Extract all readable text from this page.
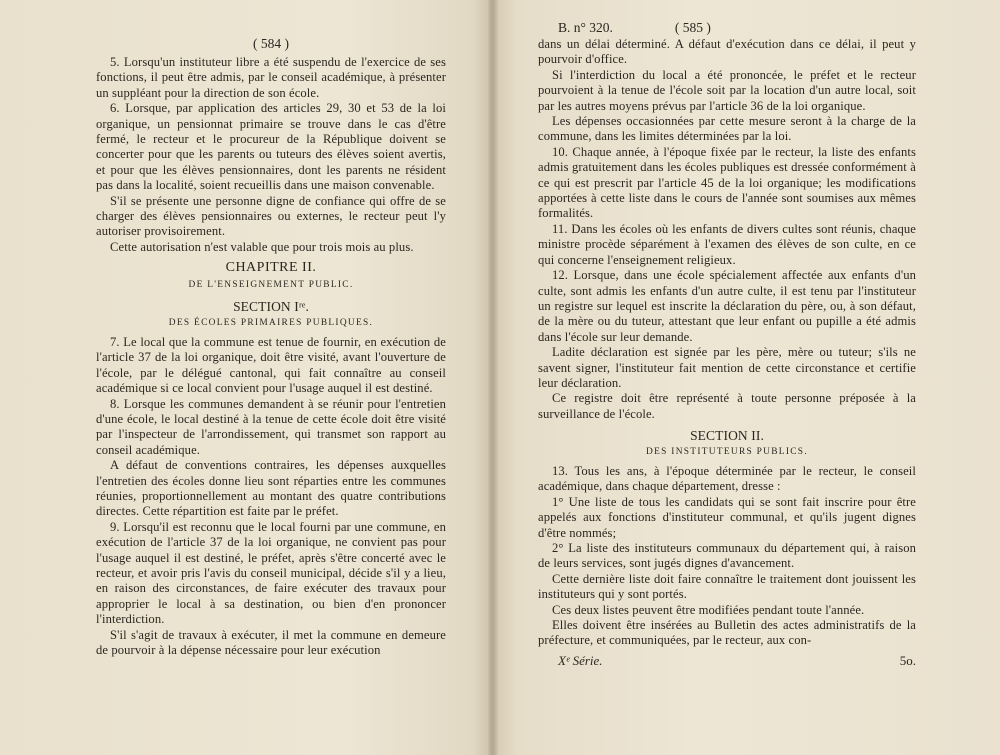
( 584 )

5. Lorsqu'un instituteur libre a été suspendu de l'exercice de ses fonctions, il peut être admis, par le conseil académique, à présenter un suppléant pour la direction de son école.

6. Lorsque, par application des articles 29, 30 et 53 de la loi organique, un pensionnat primaire se trouve dans le cas d'être fermé, le recteur et le procureur de la République doivent se concerter pour que les parents ou tuteurs des élèves soient avertis, et pour que les élèves pensionnaires, dont les parents ne résident pas dans la localité, soient recueillis dans une maison convenable.

S'il se présente une personne digne de confiance qui offre de se charger des élèves pensionnaires ou externes, le recteur peut l'y autoriser provisoirement.

Cette autorisation n'est valable que pour trois mois au plus.

CHAPITRE II.
DE L'ENSEIGNEMENT PUBLIC.
SECTION Iʳᵉ.
DES ÉCOLES PRIMAIRES PUBLIQUES.

7. Le local que la commune est tenue de fournir, en exécution de l'article 37 de la loi organique, doit être visité, avant l'ouverture de l'école, par le délégué cantonal, qui fait connaître au conseil académique si ce local convient pour l'usage auquel il est destiné.

8. Lorsque les communes demandent à se réunir pour l'entretien d'une école, le local destiné à la tenue de cette école doit être visité par l'inspecteur de l'arrondissement, qui transmet son rapport au conseil académique.

A défaut de conventions contraires, les dépenses auxquelles l'entretien des écoles donne lieu sont réparties entre les communes réunies, proportionnellement au montant des quatre contributions directes. Cette répartition est faite par le préfet.

9. Lorsqu'il est reconnu que le local fourni par une commune, en exécution de l'article 37 de la loi organique, ne convient pas pour l'usage auquel il est destiné, le préfet, après s'être concerté avec le recteur, et avoir pris l'avis du conseil municipal, décide s'il y a lieu, en raison des circonstances, de faire exécuter des travaux pour approprier le local à sa destination, ou bien d'en prononcer l'interdiction.

S'il s'agit de travaux à exécuter, il met la commune en demeure de pourvoir à la dépense nécessaire pour leur exécution

B. n° 320.	( 585 )

dans un délai déterminé. A défaut d'exécution dans ce délai, il peut y pourvoir d'office.

Si l'interdiction du local a été prononcée, le préfet et le recteur pourvoient à la tenue de l'école soit par la location d'un autre local, soit par les autres moyens prévus par l'article 36 de la loi organique.

Les dépenses occasionnées par cette mesure seront à la charge de la commune, dans les limites déterminées par la loi.

10. Chaque année, à l'époque fixée par le recteur, la liste des enfants admis gratuitement dans les écoles publiques est dressée conformément à ce qui est prescrit par l'article 45 de la loi organique; les modifications apportées à cette liste dans le cours de l'année sont soumises aux mêmes formalités.

11. Dans les écoles où les enfants de divers cultes sont réunis, chaque ministre procède séparément à l'examen des élèves de son culte, en ce qui concerne l'enseignement religieux.

12. Lorsque, dans une école spécialement affectée aux enfants d'un culte, sont admis les enfants d'un autre culte, il est tenu par l'instituteur un registre sur lequel est inscrite la déclaration du père, ou, à son défaut, de la mère ou du tuteur, attestant que leur enfant ou pupille a été admis dans l'école sur leur demande.

Ladite déclaration est signée par les père, mère ou tuteur; s'ils ne savent signer, l'instituteur fait mention de cette circonstance et certifie leur déclaration.

Ce registre doit être représenté à toute personne préposée à la surveillance de l'école.

SECTION II.
DES INSTITUTEURS PUBLICS.

13. Tous les ans, à l'époque déterminée par le recteur, le conseil académique, dans chaque département, dresse :

1° Une liste de tous les candidats qui se sont fait inscrire pour être appelés aux fonctions d'instituteur communal, et qu'ils jugent dignes d'être nommés;

2° La liste des instituteurs communaux du département qui, à raison de leurs services, sont jugés dignes d'avancement.

Cette dernière liste doit faire connaître le traitement dont jouissent les instituteurs qui y sont portés.

Ces deux listes peuvent être modifiées pendant toute l'année.

Elles doivent être insérées au Bulletin des actes administratifs de la préfecture, et communiquées, par le recteur, aux con-

Xᵉ Série.	5o.
